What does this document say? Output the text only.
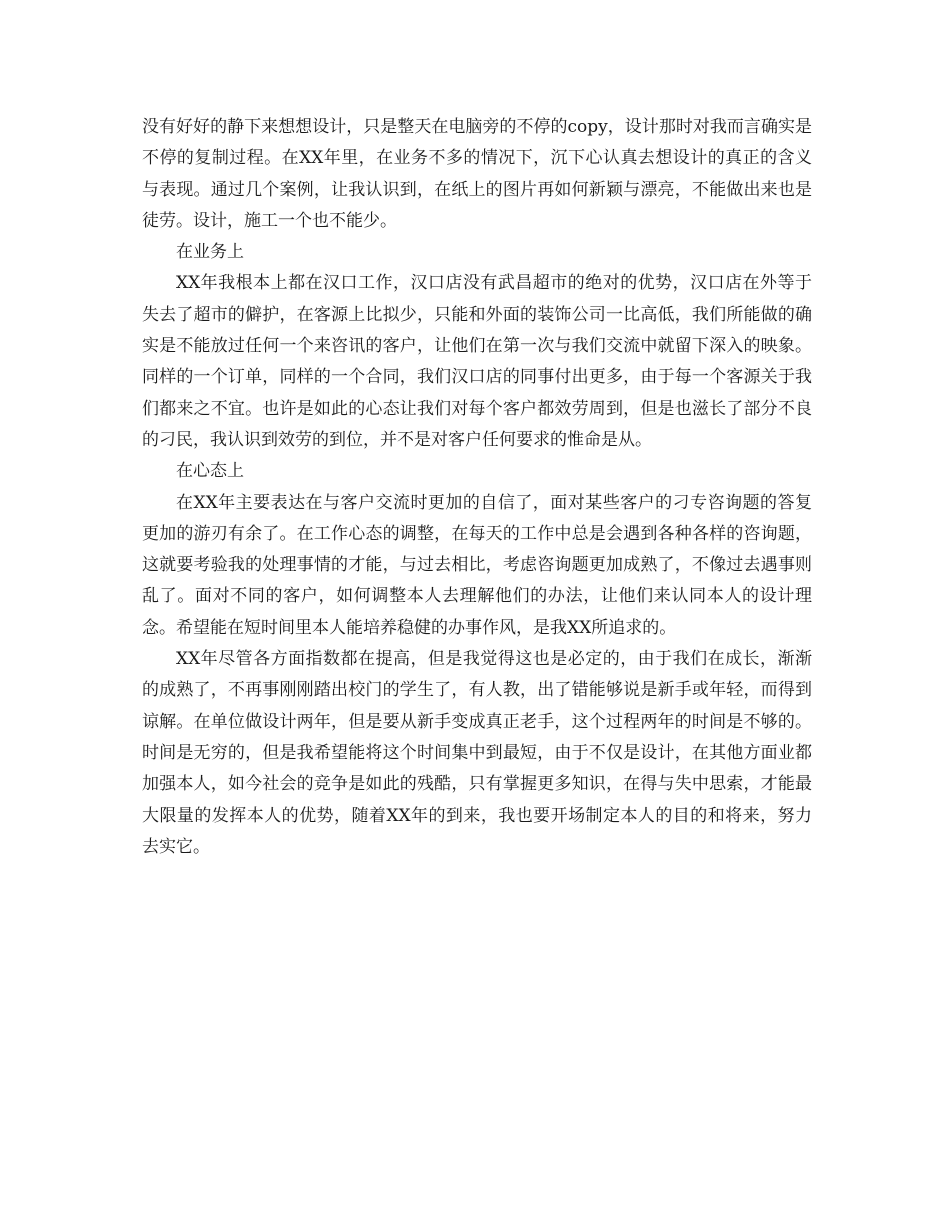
没有好好的静下来想想设计，只是整天在电脑旁的不停的copy，设计那时对我而言确实是不停的复制过程。在XX年里，在业务不多的情况下，沉下心认真去想设计的真正的含义与表现。通过几个案例，让我认识到，在纸上的图片再如何新颖与漂亮，不能做出来也是徒劳。设计，施工一个也不能少。

在业务上

XX年我根本上都在汉口工作，汉口店没有武昌超市的绝对的优势，汉口店在外等于失去了超市的僻护，在客源上比拟少，只能和外面的装饰公司一比高低，我们所能做的确实是不能放过任何一个来咨讯的客户，让他们在第一次与我们交流中就留下深入的映象。同样的一个订单，同样的一个合同，我们汉口店的同事付出更多，由于每一个客源关于我们都来之不宜。也许是如此的心态让我们对每个客户都效劳周到，但是也滋长了部分不良的刁民，我认识到效劳的到位，并不是对客户任何要求的惟命是从。

在心态上

在XX年主要表达在与客户交流时更加的自信了，面对某些客户的刁专咨询题的答复更加的游刃有余了。在工作心态的调整，在每天的工作中总是会遇到各种各样的咨询题，这就要考验我的处理事情的才能，与过去相比，考虑咨询题更加成熟了，不像过去遇事则乱了。面对不同的客户，如何调整本人去理解他们的办法，让他们来认同本人的设计理念。希望能在短时间里本人能培养稳健的办事作风，是我XX所追求的。

XX年尽管各方面指数都在提高，但是我觉得这也是必定的，由于我们在成长，渐渐的成熟了，不再事刚刚踏出校门的学生了，有人教，出了错能够说是新手或年轻，而得到谅解。在单位做设计两年，但是要从新手变成真正老手，这个过程两年的时间是不够的。时间是无穷的，但是我希望能将这个时间集中到最短，由于不仅是设计，在其他方面业都加强本人，如今社会的竞争是如此的残酷，只有掌握更多知识，在得与失中思索，才能最大限量的发挥本人的优势，随着XX年的到来，我也要开场制定本人的目的和将来，努力去实它。
